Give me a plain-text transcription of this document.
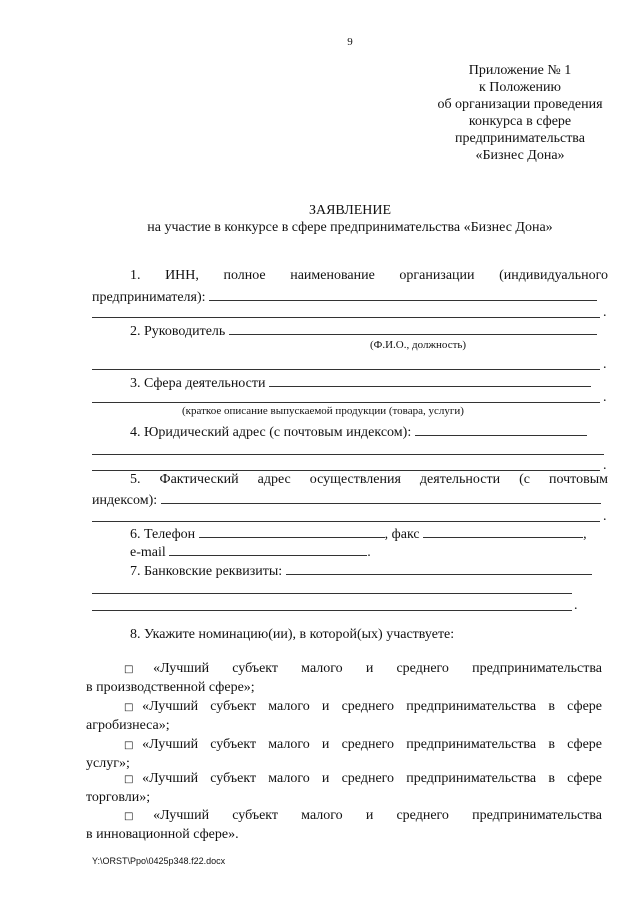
9
Приложение № 1
к Положению
об организации проведения
конкурса в сфере
предпринимательства
«Бизнес Дона»
ЗАЯВЛЕНИЕ
на участие в конкурсе в сфере предпринимательства «Бизнес Дона»
1. ИНН, полное наименование организации (индивидуального
предпринимателя):
.
2. Руководитель
(Ф.И.О., должность)
.
3. Сфера деятельности
.
(краткое описание выпускаемой продукции (товара, услуги)
4. Юридический адрес (с почтовым индексом):
.
5. Фактический адрес осуществления деятельности (с почтовым
индексом):
.
6. Телефон	, факс	,
e-mail	.
7. Банковские реквизиты:
.
8. Укажите номинацию(ии), в которой(ых) участвуете:
□«Лучший субъект малого и среднего предпринимательства
в производственной сфере»;
□«Лучший субъект малого и среднего предпринимательства в сфере
агробизнеса»;
□«Лучший субъект малого и среднего предпринимательства в сфере
услуг»;
□«Лучший субъект малого и среднего предпринимательства в сфере
торговли»;
□«Лучший субъект малого и среднего предпринимательства
в инновационной сфере».
Y:\ORST\Ppo\0425p348.f22.docx
